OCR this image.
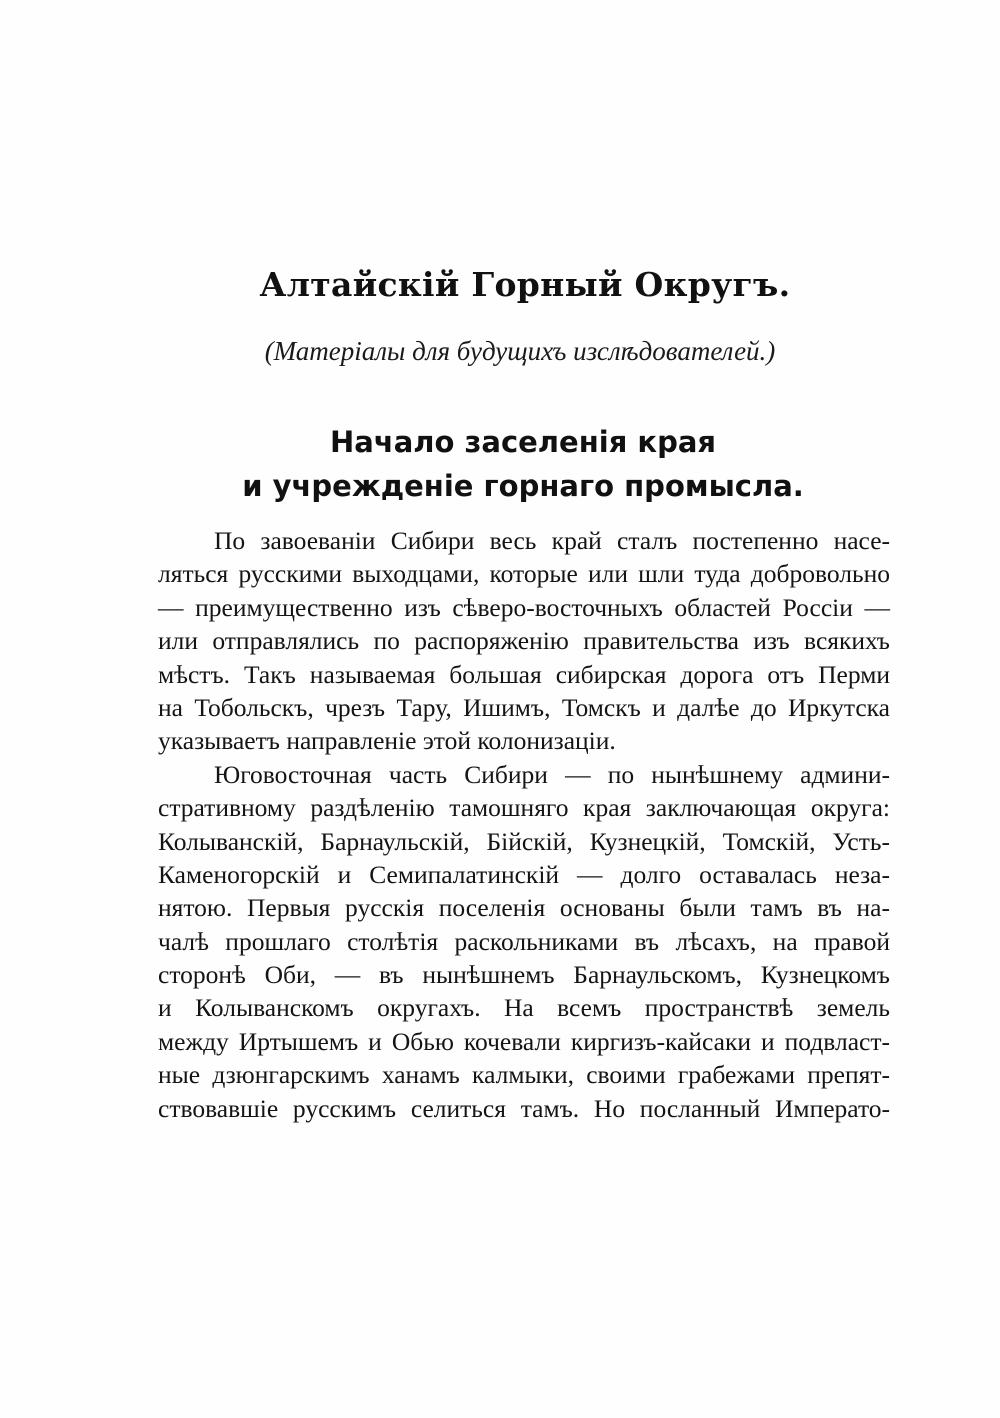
Алтайскій Горный Округъ.
(Матеріалы для будущихъ изслѣдователей.)
Начало заселенія края
и учрежденіе горнаго промысла.
По завоеваніи Сибири весь край сталъ постепенно насе-
ляться русскими выходцами, которые или шли туда добровольно
— преимущественно изъ сѣверо-восточныхъ областей Россіи —
или отправлялись по распоряженію правительства изъ всякихъ
мѣстъ. Такъ называемая большая сибирская дорога отъ Перми
на Тобольскъ, чрезъ Тару, Ишимъ, Томскъ и далѣе до Иркутска
указываетъ направленіе этой колонизаціи.
Юговосточная часть Сибири — по нынѣшнему админи-
стративному раздѣленію тамошняго края заключающая округа:
Колыванскій, Барнаульскій, Бійскій, Кузнецкій, Томскій, Усть-
Каменогорскій и Семипалатинскій — долго оставалась неза-
нятою. Первыя русскія поселенія основаны были тамъ въ на-
чалѣ прошлаго столѣтія раскольниками въ лѣсахъ, на правой
сторонѣ Оби, — въ нынѣшнемъ Барнаульскомъ, Кузнецкомъ
и Колыванскомъ округахъ. На всемъ пространствѣ земель
между Иртышемъ и Обью кочевали киргизъ-кайсаки и подвласт-
ные дзюнгарскимъ ханамъ калмыки, своими грабежами препят-
ствовавшіе русскимъ селиться тамъ. Но посланный Императо-
